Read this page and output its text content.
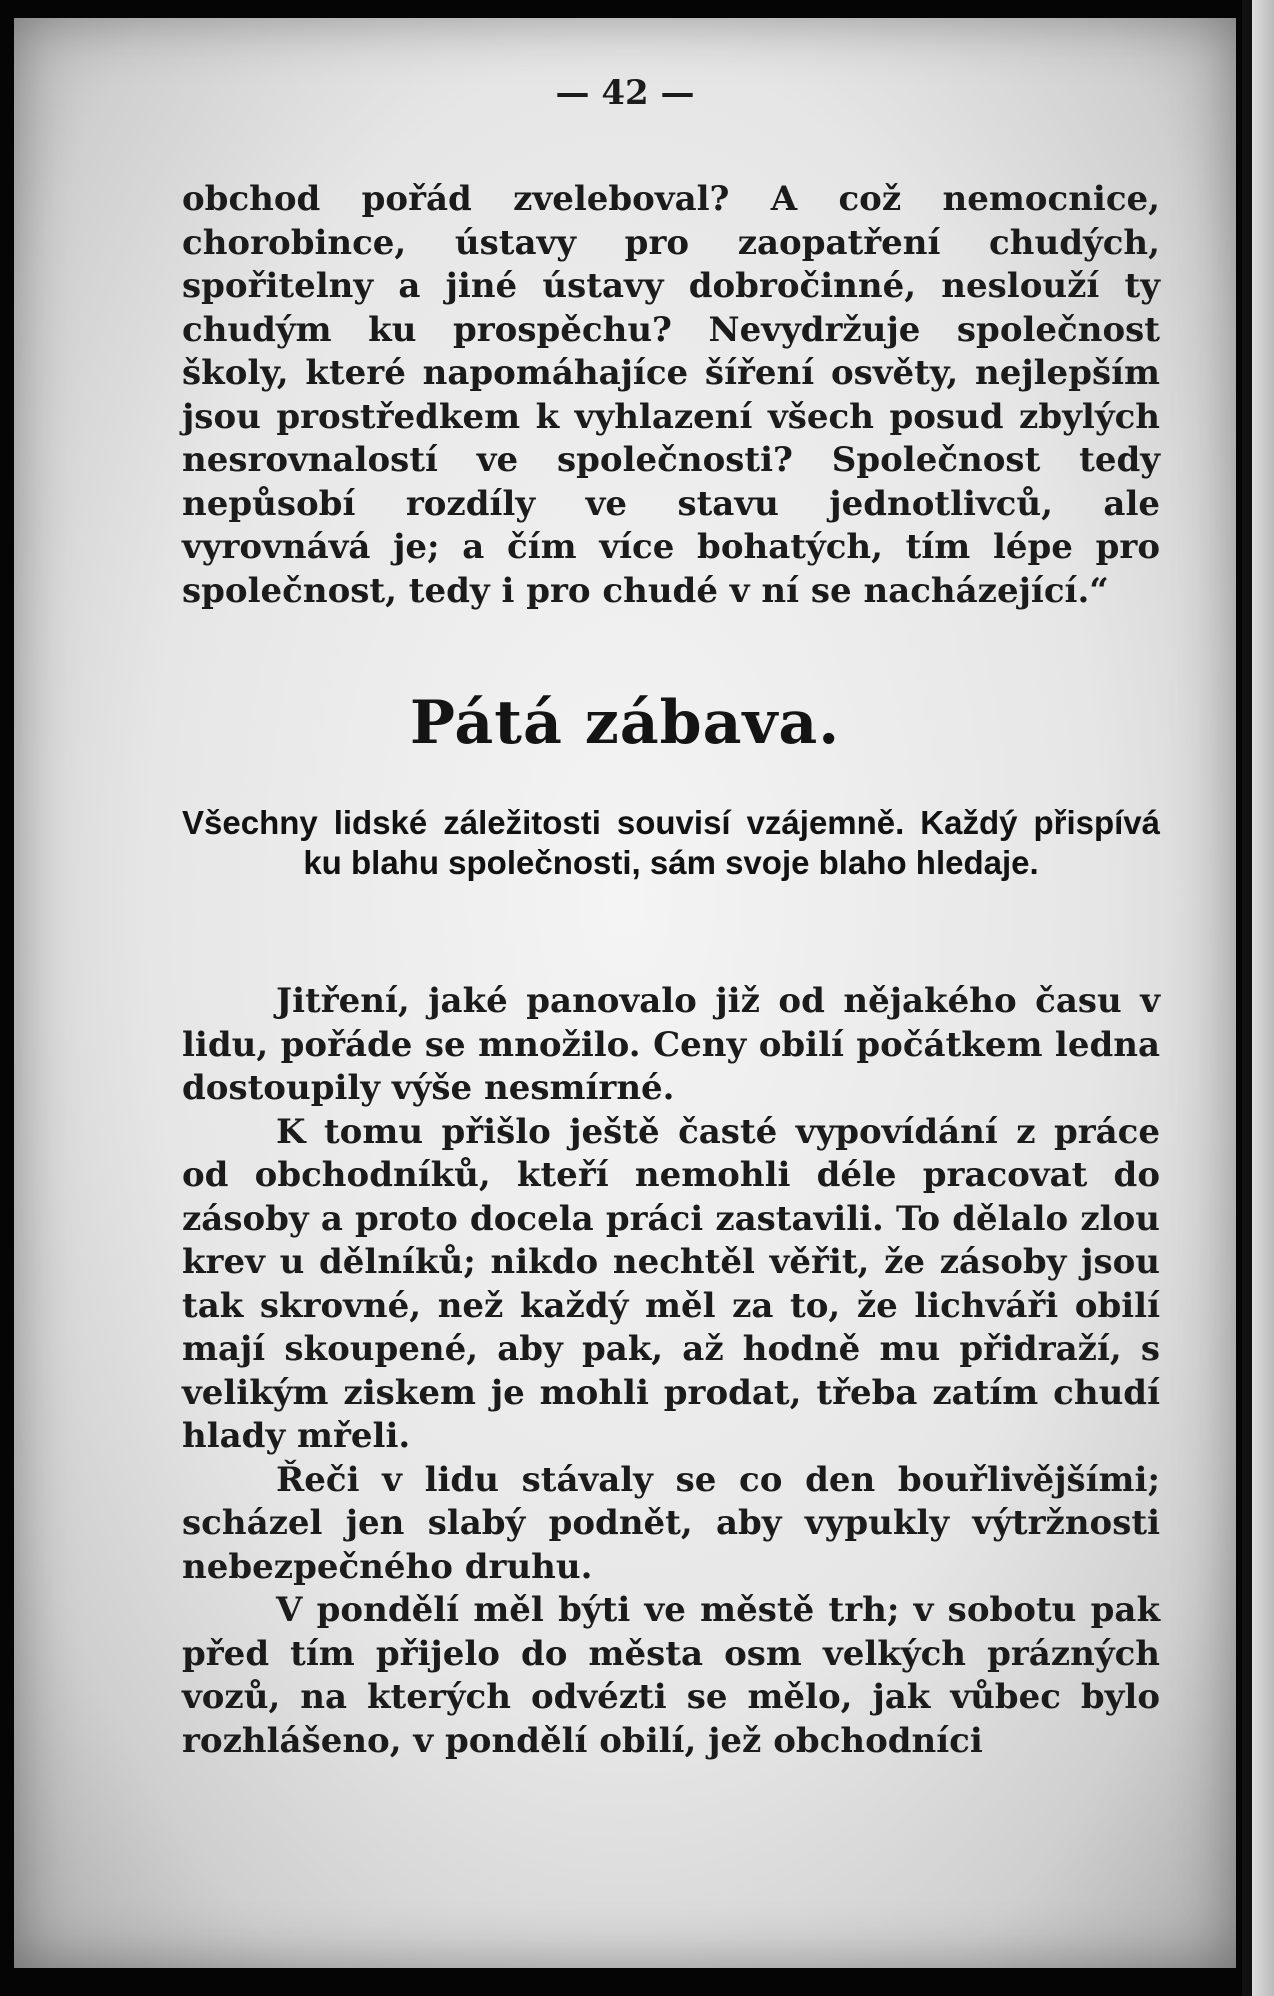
— 42 —

obchod pořád zveleboval? A což nemocnice, chorobince, ústavy pro zaopatření chudých, spořitelny a jiné ústavy dobročinné, neslouží ty chudým ku prospěchu? Nevydržuje společnost školy, které napomáhajíce šíření osvěty, nejlepším jsou prostředkem k vyhlazení všech posud zbylých nesrovnalostí ve společnosti? Společnost tedy nepůsobí rozdíly ve stavu jednotlivců, ale vyrovnává je; a čím více bohatých, tím lépe pro společnost, tedy i pro chudé v ní se nacházející.“

Pátá zábava.
Všechny lidské záležitosti souvisí vzájemně. Každý přispívá ku blahu společnosti, sám svoje blaho hledaje.

Jitření, jaké panovalo již od nějakého času v lidu, pořáde se množilo. Ceny obilí počátkem ledna dostoupily výše nesmírné.

K tomu přišlo ještě časté vypovídání z práce od obchodníků, kteří nemohli déle pracovat do zásoby a proto docela práci zastavili. To dělalo zlou krev u dělníků; nikdo nechtěl věřit, že zásoby jsou tak skrovné, než každý měl za to, že lichváři obilí mají skoupené, aby pak, až hodně mu přidraží, s velikým ziskem je mohli prodat, třeba zatím chudí hlady mřeli.

Řeči v lidu stávaly se co den bouřlivějšími; scházel jen slabý podnět, aby vypukly výtržnosti nebezpečného druhu.

V pondělí měl býti ve městě trh; v sobotu pak před tím přijelo do města osm velkých prázných vozů, na kterých odvézti se mělo, jak vůbec bylo rozhlášeno, v pondělí obilí, jež obchodníci
